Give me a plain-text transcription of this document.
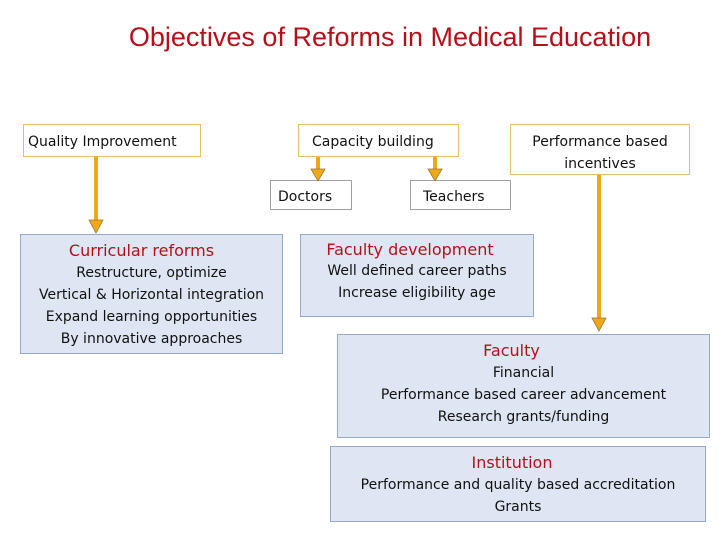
Objectives of Reforms in Medical Education
Quality Improvement	Capacity building	Performance based
incentives
Doctors	Teachers
Curricular reforms
Restructure, optimize
Vertical & Horizontal integration
Expand learning opportunities
By innovative approaches
Faculty development
Well defined career paths
Increase eligibility age
Faculty
Financial
Performance based career advancement
Research grants/funding
Institution
Performance and quality based accreditation
Grants
